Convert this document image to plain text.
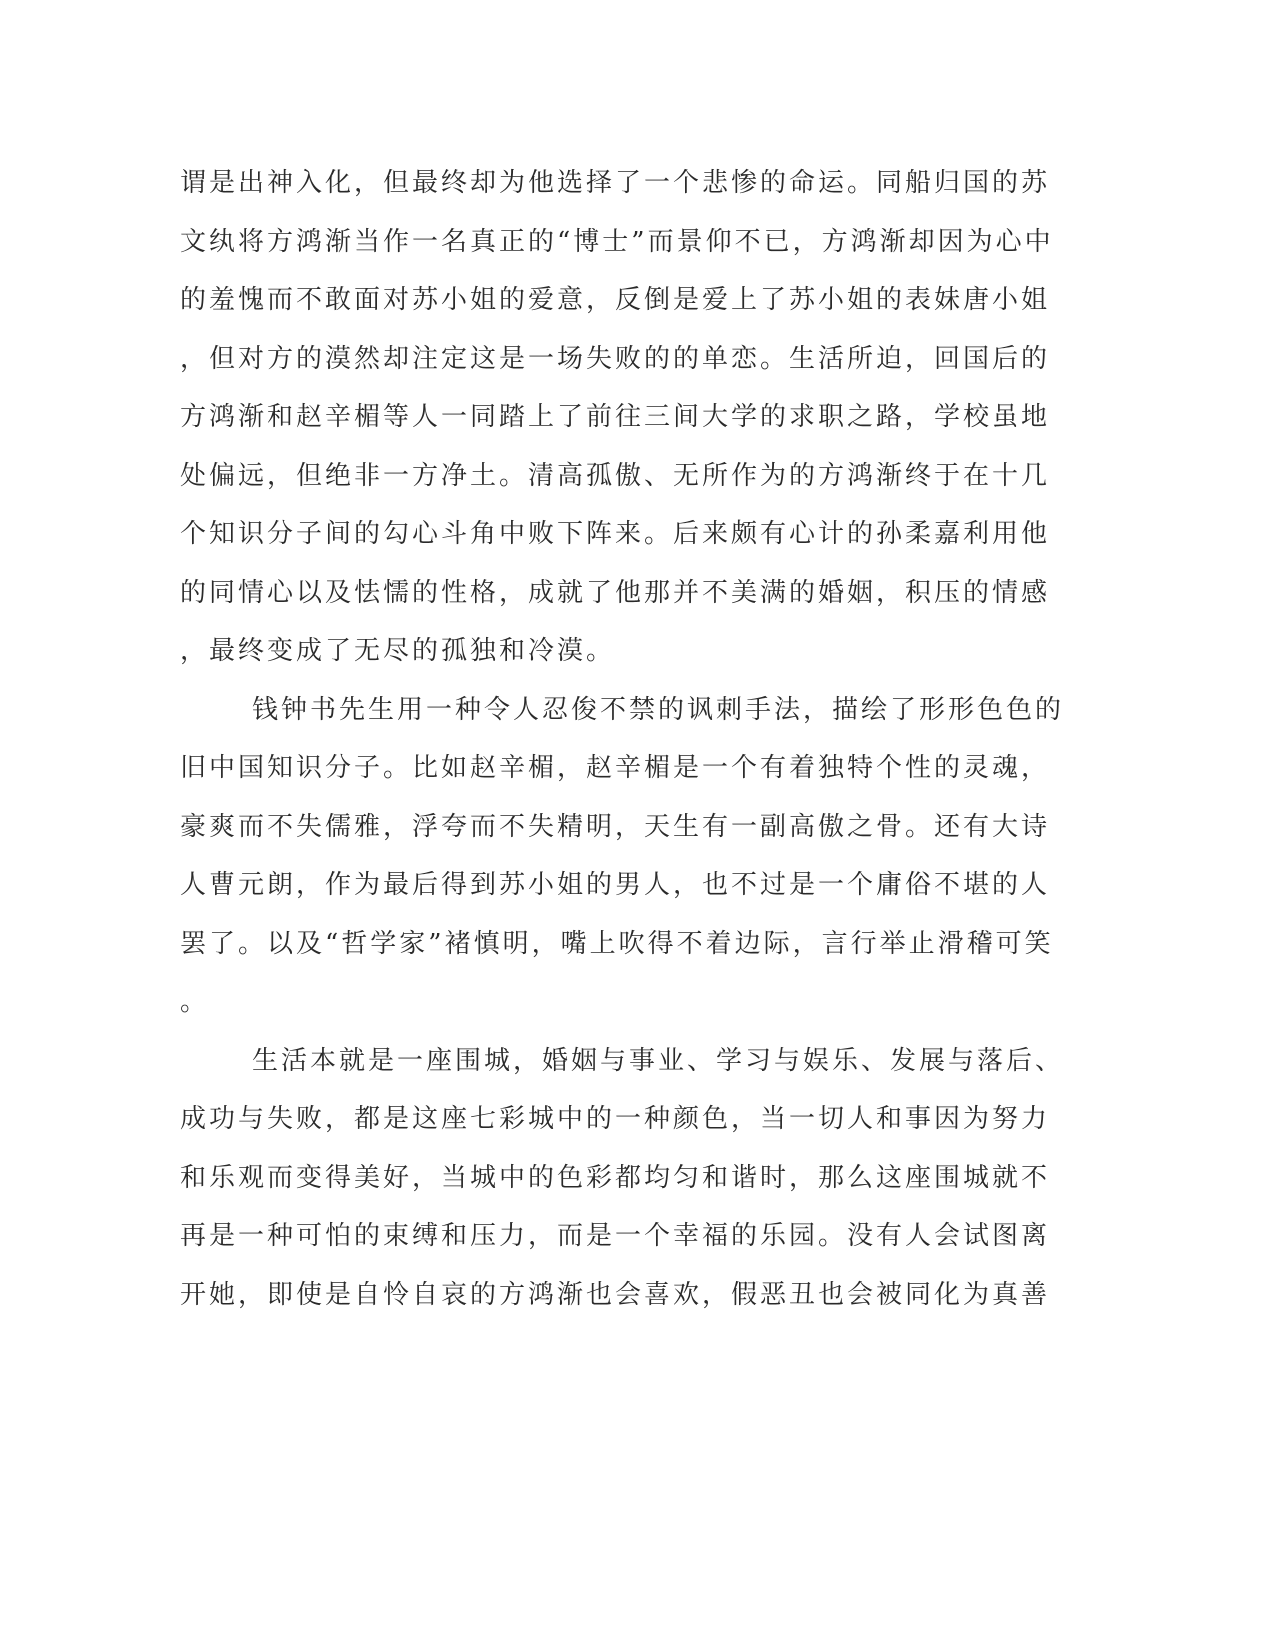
谓是出神入化，但最终却为他选择了一个悲惨的命运。同船归国的苏
文纨将方鸿渐当作一名真正的“博士”而景仰不已，方鸿渐却因为心中
的羞愧而不敢面对苏小姐的爱意，反倒是爱上了苏小姐的表妹唐小姐
，但对方的漠然却注定这是一场失败的的单恋。生活所迫，回国后的
方鸿渐和赵辛楣等人一同踏上了前往三间大学的求职之路，学校虽地
处偏远，但绝非一方净土。清高孤傲、无所作为的方鸿渐终于在十几
个知识分子间的勾心斗角中败下阵来。后来颇有心计的孙柔嘉利用他
的同情心以及怯懦的性格，成就了他那并不美满的婚姻，积压的情感
，最终变成了无尽的孤独和冷漠。
钱钟书先生用一种令人忍俊不禁的讽刺手法，描绘了形形色色的
旧中国知识分子。比如赵辛楣，赵辛楣是一个有着独特个性的灵魂，
豪爽而不失儒雅，浮夸而不失精明，天生有一副高傲之骨。还有大诗
人曹元朗，作为最后得到苏小姐的男人，也不过是一个庸俗不堪的人
罢了。以及“哲学家”褚慎明，嘴上吹得不着边际，言行举止滑稽可笑
。
生活本就是一座围城，婚姻与事业、学习与娱乐、发展与落后、
成功与失败，都是这座七彩城中的一种颜色，当一切人和事因为努力
和乐观而变得美好，当城中的色彩都均匀和谐时，那么这座围城就不
再是一种可怕的束缚和压力，而是一个幸福的乐园。没有人会试图离
开她，即使是自怜自哀的方鸿渐也会喜欢，假恶丑也会被同化为真善
